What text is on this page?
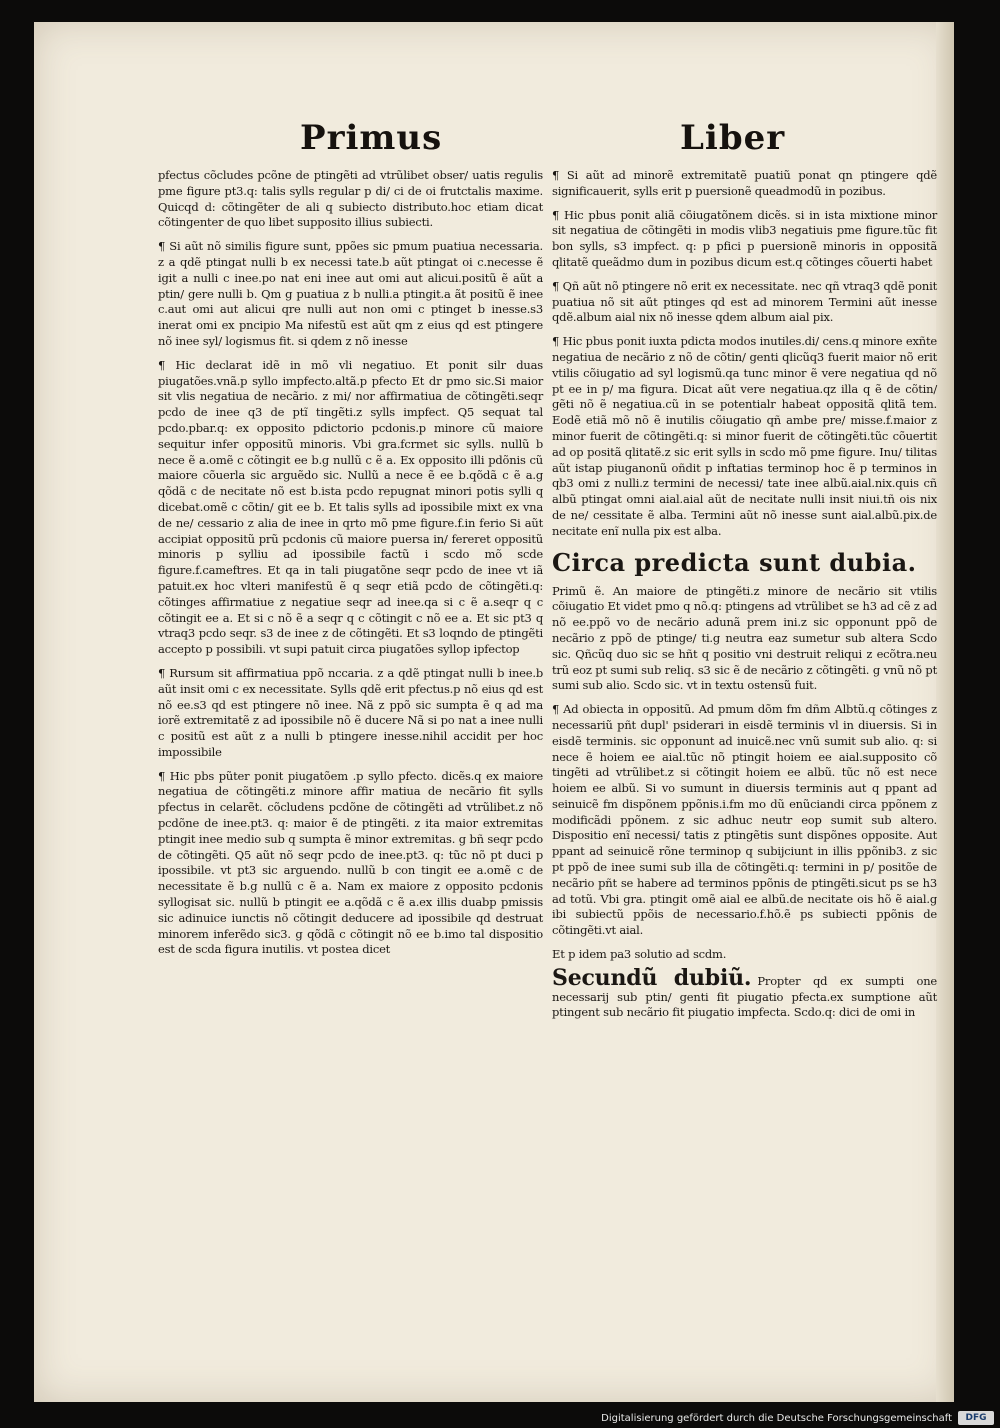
Primus	Liber

pfectus cõcludes pcõne de ptingẽti ad vtrũlibet obser/ uatis regulis pme figure pt3.q: talis sylls regular p di/ ci de oi frutctalis maxime. Quicqd d: cõtingẽter de ali q subiecto distributo.hoc etiam dicat cõtingenter de quo libet supposito illius subiecti.

¶ Si aũt nõ similis figure sunt, ppões sic pmum puatiua necessaria. z a qdẽ ptingat nulli b ex necessi tate.b aũt ptingat oi c.necesse ẽ igit a nulli c inee.po nat eni inee aut omi aut alicui.positũ ẽ aũt a ptin/ gere nulli b. Qm g puatiua z b nulli.a ptingit.a ãt positũ ẽ inee c.aut omi aut alicui qre nulli aut non omi c ptinget b inesse.s3 inerat omi ex pncipio Ma nifestũ est aũt qm z eius qd est ptingere nõ inee syl/ logismus fit. si qdem z nõ inesse

¶ Hic declarat idẽ in mõ vli negatiuo. Et ponit silr duas piugatões.vnã.p syllo impfecto.altã.p pfecto Et dr pmo sic.Si maior sit vlis negatiua de necãrio. z mi/ nor affirmatiua de cõtingẽti.seqr pcdo de inee q3 de ptĩ tingẽti.z sylls impfect. Q5 sequat tal pcdo.pbar.q: ex opposito pdictorio pcdonis.p minore cũ maiore sequitur infer oppositũ minoris. Vbi gra.fcrmet sic sylls. nullũ b nece ẽ a.omẽ c cõtingit ee b.g nullũ c ẽ a. Ex opposito illi pdõnis cũ maiore cõuerla sic arguẽdo sic. Nullũ a nece ẽ ee b.qõdã c ẽ a.g qõdã c de necitate nõ est b.ista pcdo repugnat minori potis sylli q dicebat.omẽ c cõtin/ git ee b. Et talis sylls ad ipossibile mixt ex vna de ne/ cessario z alia de inee in qrto mõ pme figure.f.in ferio Si aũt accipiat oppositũ prũ pcdonis cũ maiore puersa in/ fereret oppositũ minoris p sylliu ad ipossibile factũ i scdo mõ scde figure.f.cameftres. Et qa in tali piugatõne seqr pcdo de inee vt iã patuit.ex hoc vlteri manifestũ ẽ q seqr etiã pcdo de cõtingẽti.q: cõtinges affirmatiue z negatiue seqr ad inee.qa si c ẽ a.seqr q c cõtingit ee a. Et si c nõ ẽ a seqr q c cõtingit c nõ ee a. Et sic pt3 q vtraq3 pcdo seqr. s3 de inee z de cõtingẽti. Et s3 loqndo de ptingẽti accepto p possibili. vt supi patuit circa piugatões syllop ipfectop

¶ Rursum sit affirmatiua ppõ nccaria. z a qdẽ ptingat nulli b inee.b aũt insit omi c ex necessitate. Sylls qdẽ erit pfectus.p nõ eius qd est nõ ee.s3 qd est ptingere nõ inee. Nã z ppõ sic sumpta ẽ q ad ma iorẽ extremitatẽ z ad ipossibile nõ ẽ ducere Nã si po nat a inee nulli c positũ est aũt z a nulli b ptingere inesse.nihil accidit per hoc impossibile

¶ Hic pbs pũter ponit piugatõem .p syllo pfecto. dicẽs.q ex maiore negatiua de cõtingẽti.z minore affir matiua de necãrio fit sylls pfectus in celarẽt. cõcludens pcdõne de cõtingẽti ad vtrũlibet.z nõ pcdõne de inee.pt3. q: maior ẽ de ptingẽti. z ita maior extremitas ptingit inee medio sub q sumpta ẽ minor extremitas. g bñ seqr pcdo de cõtingẽti. Q5 aũt nõ seqr pcdo de inee.pt3. q: tũc nõ pt duci p ipossibile. vt pt3 sic arguendo. nullũ b con tingit ee a.omẽ c de necessitate ẽ b.g nullũ c ẽ a. Nam ex maiore z opposito pcdonis syllogisat sic. nullũ b ptingit ee a.qõdã c ẽ a.ex illis duabp pmissis sic adinuice iunctis nõ cõtingit deducere ad ipossibile qd destruat minorem inferẽdo sic3. g qõdã c cõtingit nõ ee b.imo tal dispositio est de scda figura inutilis. vt postea dicet

¶ Si aũt ad minorẽ extremitatẽ puatiũ ponat qn ptingere qdẽ significauerit, sylls erit p puersionẽ queadmodũ in pozibus.

¶ Hic pbus ponit aliã cõiugatõnem dicẽs. si in ista mixtione minor sit negatiua de cõtingẽti in modis vlib3 negatiuis pme figure.tũc fit bon sylls, s3 impfect. q: p pfici p puersionẽ minoris in oppositã qlitatẽ queãdmo dum in pozibus dicum est.q cõtinges cõuerti habet

¶ Qñ aũt nõ ptingere nõ erit ex necessitate. nec qñ vtraq3 qdẽ ponit puatiua nõ sit aũt ptinges qd est ad minorem Termini aũt inesse qdẽ.album aial nix nõ inesse qdem album aial pix.

¶ Hic pbus ponit iuxta pdicta modos inutiles.di/ cens.q minore exñte negatiua de necãrio z nõ de cõtin/ genti qlicũq3 fuerit maior nõ erit vtilis cõiugatio ad syl logismũ.qa tunc minor ẽ vere negatiua qd nõ pt ee in p/ ma figura. Dicat aũt vere negatiua.qz illa q ẽ de cõtin/ gẽti nõ ẽ negatiua.cũ in se potentialr habeat oppositã qlitã tem. Eodẽ etiã mõ nõ ẽ inutilis cõiugatio qñ ambe pre/ misse.f.maior z minor fuerit de cõtingẽti.q: si minor fuerit de cõtingẽti.tũc cõuertit ad op positã qlitatẽ.z sic erit sylls in scdo mõ pme figure. Inu/ tilitas aũt istap piuganonũ oñdit p inftatias terminop hoc ẽ p terminos in qb3 omi z nulli.z termini de necessi/ tate inee albũ.aial.nix.quis cñ albũ ptingat omni aial.aial aũt de necitate nulli insit niui.tñ ois nix de ne/ cessitate ẽ alba. Termini aũt nõ inesse sunt aial.albũ.pix.de necitate enĩ nulla pix est alba.

Circa predicta sunt dubia.

Primũ ẽ. An maiore de ptingẽti.z minore de necãrio sit vtilis cõiugatio Et videt pmo q nõ.q: ptingens ad vtrũlibet se h3 ad cẽ z ad nõ ee.ppõ vo de necãrio adunã prem ini.z sic opponunt ppõ de necãrio z ppõ de ptinge/ ti.g neutra eaz sumetur sub altera Scdo sic. Qñcũq duo sic se hñt q positio vni destruit reliqui z ecõtra.neu trũ eoz pt sumi sub reliq. s3 sic ẽ de necãrio z cõtingẽti. g vnũ nõ pt sumi sub alio. Scdo sic. vt in textu ostensũ fuit.

¶ Ad obiecta in oppositũ. Ad pmum dõm fm dñm Albtũ.q cõtinges z necessariũ pñt dupl' psiderari in eisdẽ terminis vl in diuersis. Si in eisdẽ terminis. sic opponunt ad inuicẽ.nec vnũ sumit sub alio. q: si nece ẽ hoiem ee aial.tũc nõ ptingit hoiem ee aial.supposito cõ tingẽti ad vtrũlibet.z si cõtingit hoiem ee albũ. tũc nõ est nece hoiem ee albũ. Si vo sumunt in diuersis terminis aut q ppant ad seinuicẽ fm dispõnem ppõnis.i.fm mo dũ enũciandi circa ppõnem z modificãdi ppõnem. z sic adhuc neutr eop sumit sub altero. Dispositio enĩ necessi/ tatis z ptingẽtis sunt dispõnes opposite. Aut ppant ad seinuicẽ rõne terminop q subijciunt in illis ppõnib3. z sic pt ppõ de inee sumi sub illa de cõtingẽti.q: termini in p/ positõe de necãrio pñt se habere ad terminos ppõnis de ptingẽti.sicut ps se h3 ad totũ. Vbi gra. ptingit omẽ aial ee albũ.de necitate ois hõ ẽ aial.g ibi subiectũ ppõis de necessario.f.hõ.ẽ ps subiecti ppõnis de cõtingẽti.vt aial.

Et p idem pa3 solutio ad scdm.

Secundũ dubiũ. Propter qd ex sumpti one necessarij sub ptin/ genti fit piugatio pfecta.ex sumptione aũt ptingent sub necãrio fit piugatio impfecta. Scdo.q: dici de omi in

Digitalisierung gefördert durch die Deutsche Forschungsgemeinschaft	DFG
